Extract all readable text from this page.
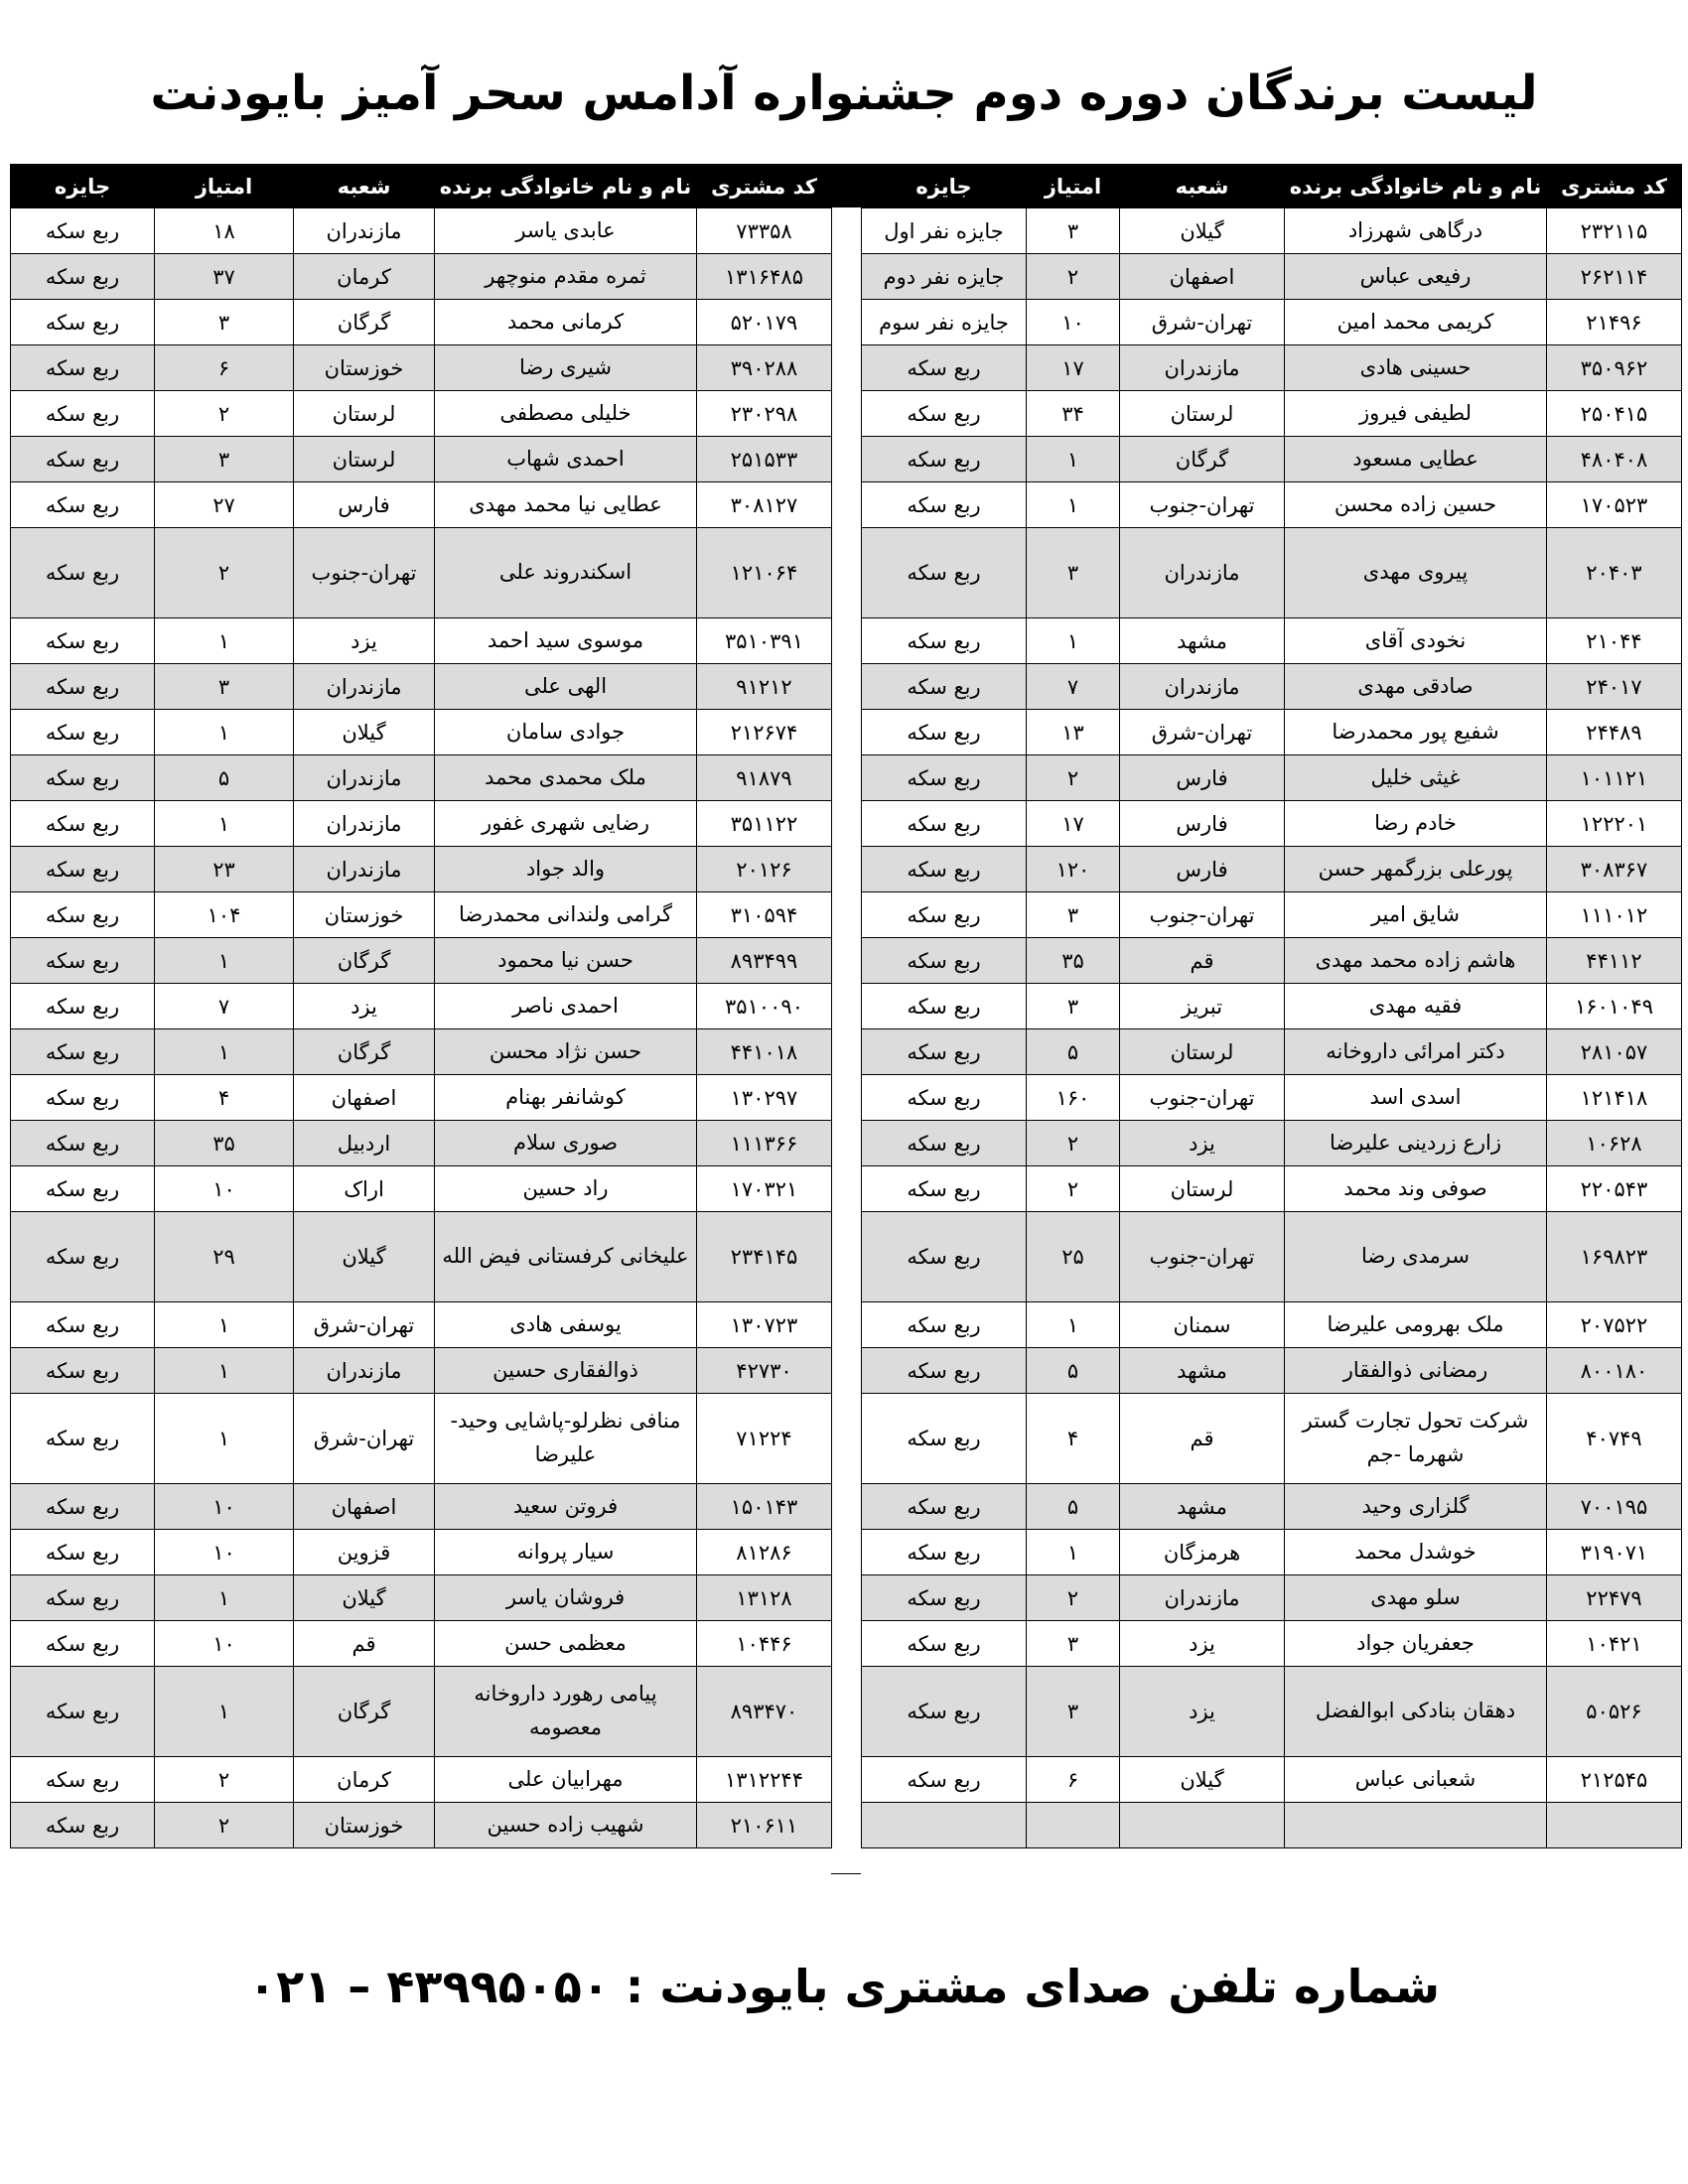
لیست برندگان دوره دوم جشنواره آدامس سحر آمیز بایودنت
کد مشتری	نام و نام خانوادگی برنده	شعبه	امتیاز	جایزه
۲۳۲۱۱۵	درگاهی شهرزاد	گیلان	۳	جایزه نفر اول
۲۶۲۱۱۴	رفیعی عباس	اصفهان	۲	جایزه نفر دوم
۲۱۴۹۶	کریمی محمد امین	تهران-شرق	۱۰	جایزه نفر سوم
۳۵۰۹۶۲	حسینی هادی	مازندران	۱۷	ربع سکه
۲۵۰۴۱۵	لطیفی فیروز	لرستان	۳۴	ربع سکه
۴۸۰۴۰۸	عطایی مسعود	گرگان	۱	ربع سکه
۱۷۰۵۲۳	حسین زاده محسن	تهران-جنوب	۱	ربع سکه
۲۰۴۰۳	پیروی مهدی	مازندران	۳	ربع سکه
۲۱۰۴۴	نخودی آقای	مشهد	۱	ربع سکه
۲۴۰۱۷	صادقی مهدی	مازندران	۷	ربع سکه
۲۴۴۸۹	شفیع پور محمدرضا	تهران-شرق	۱۳	ربع سکه
۱۰۱۱۲۱	غیثی خلیل	فارس	۲	ربع سکه
۱۲۲۲۰۱	خادم رضا	فارس	۱۷	ربع سکه
۳۰۸۳۶۷	پورعلی بزرگمهر حسن	فارس	۱۲۰	ربع سکه
۱۱۱۰۱۲	شایق امیر	تهران-جنوب	۳	ربع سکه
۴۴۱۱۲	هاشم زاده محمد مهدی	قم	۳۵	ربع سکه
۱۶۰۱۰۴۹	فقیه مهدی	تبریز	۳	ربع سکه
۲۸۱۰۵۷	دکتر امرائی داروخانه	لرستان	۵	ربع سکه
۱۲۱۴۱۸	اسدی اسد	تهران-جنوب	۱۶۰	ربع سکه
۱۰۶۲۸	زارع زردینی علیرضا	یزد	۲	ربع سکه
۲۲۰۵۴۳	صوفی وند محمد	لرستان	۲	ربع سکه
۱۶۹۸۲۳	سرمدی رضا	تهران-جنوب	۲۵	ربع سکه
۲۰۷۵۲۲	ملک بهرومی علیرضا	سمنان	۱	ربع سکه
۸۰۰۱۸۰	رمضانی ذوالفقار	مشهد	۵	ربع سکه
۴۰۷۴۹	شرکت تحول تجارت گستر شهرما -جم	قم	۴	ربع سکه
۷۰۰۱۹۵	گلزاری وحید	مشهد	۵	ربع سکه
۳۱۹۰۷۱	خوشدل محمد	هرمزگان	۱	ربع سکه
۲۲۴۷۹	سلو مهدی	مازندران	۲	ربع سکه
۱۰۴۲۱	جعفریان جواد	یزد	۳	ربع سکه
۵۰۵۲۶	دهقان بنادکی ابوالفضل	یزد	۳	ربع سکه
۲۱۲۵۴۵	شعبانی عباس	گیلان	۶	ربع سکه

کد مشتری	نام و نام خانوادگی برنده	شعبه	امتیاز	جایزه
۷۳۳۵۸	عابدی یاسر	مازندران	۱۸	ربع سکه
۱۳۱۶۴۸۵	ثمره مقدم منوچهر	کرمان	۳۷	ربع سکه
۵۲۰۱۷۹	کرمانی محمد	گرگان	۳	ربع سکه
۳۹۰۲۸۸	شیری رضا	خوزستان	۶	ربع سکه
۲۳۰۲۹۸	خلیلی مصطفی	لرستان	۲	ربع سکه
۲۵۱۵۳۳	احمدی شهاب	لرستان	۳	ربع سکه
۳۰۸۱۲۷	عطایی نیا محمد مهدی	فارس	۲۷	ربع سکه
۱۲۱۰۶۴	اسکندروند علی	تهران-جنوب	۲	ربع سکه
۳۵۱۰۳۹۱	موسوی سید احمد	یزد	۱	ربع سکه
۹۱۲۱۲	الهی علی	مازندران	۳	ربع سکه
۲۱۲۶۷۴	جوادی سامان	گیلان	۱	ربع سکه
۹۱۸۷۹	ملک محمدی محمد	مازندران	۵	ربع سکه
۳۵۱۱۲۲	رضایی شهری غفور	مازندران	۱	ربع سکه
۲۰۱۲۶	والد جواد	مازندران	۲۳	ربع سکه
۳۱۰۵۹۴	گرامی ولندانی محمدرضا	خوزستان	۱۰۴	ربع سکه
۸۹۳۴۹۹	حسن نیا محمود	گرگان	۱	ربع سکه
۳۵۱۰۰۹۰	احمدی ناصر	یزد	۷	ربع سکه
۴۴۱۰۱۸	حسن نژاد محسن	گرگان	۱	ربع سکه
۱۳۰۲۹۷	کوشانفر بهنام	اصفهان	۴	ربع سکه
۱۱۱۳۶۶	صوری سلام	اردبیل	۳۵	ربع سکه
۱۷۰۳۲۱	راد حسین	اراک	۱۰	ربع سکه
۲۳۴۱۴۵	علیخانی کرفستانی فیض الله	گیلان	۲۹	ربع سکه
۱۳۰۷۲۳	یوسفی هادی	تهران-شرق	۱	ربع سکه
۴۲۷۳۰	ذوالفقاری حسین	مازندران	۱	ربع سکه
۷۱۲۲۴	منافی نظرلو-پاشایی وحید-علیرضا	تهران-شرق	۱	ربع سکه
۱۵۰۱۴۳	فروتن سعید	اصفهان	۱۰	ربع سکه
۸۱۲۸۶	سیار پروانه	قزوین	۱۰	ربع سکه
۱۳۱۲۸	فروشان یاسر	گیلان	۱	ربع سکه
۱۰۴۴۶	معظمی حسن	قم	۱۰	ربع سکه
۸۹۳۴۷۰	پیامی رهورد داروخانه معصومه	گرگان	۱	ربع سکه
۱۳۱۲۲۴۴	مهرابیان علی	کرمان	۲	ربع سکه
۲۱۰۶۱۱	شهیب زاده حسین	خوزستان	۲	ربع سکه
شماره تلفن صدای مشتری بایودنت : ۴۳۹۹۵۰۵۰ – ۰۲۱
